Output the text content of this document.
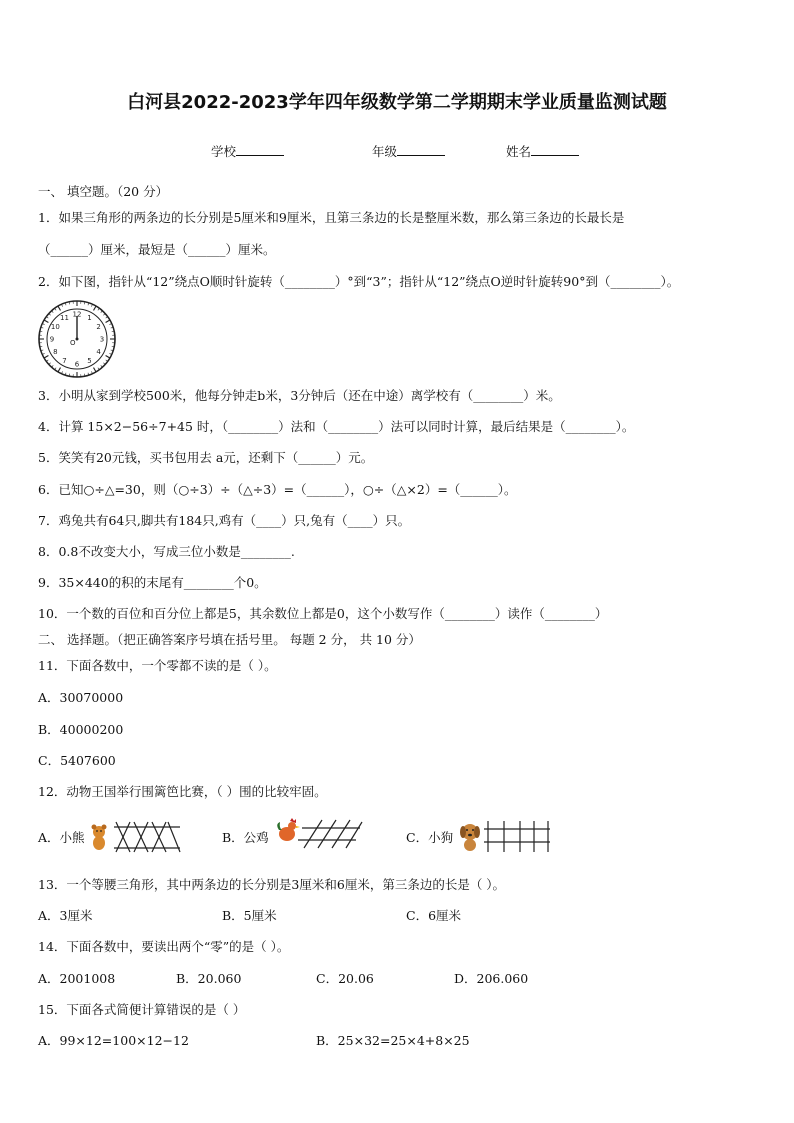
白河县2022-2023学年四年级数学第二学期期末学业质量监测试题
学校	年级	姓名
一、 填空题。（20 分）
1．如果三角形的两条边的长分别是5厘米和9厘米，且第三条边的长是整厘米数，那么第三条边的长最长是
（______）厘米，最短是（______）厘米。
2．如下图，指针从“12”绕点O顺时针旋转（________）°到“3”；指针从“12”绕点O逆时针旋转90°到（________）。
12 1
2
3
4
5
6
7
8
9
10
11
O
3．小明从家到学校500米，他每分钟走b米，3分钟后（还在中途）离学校有（________）米。
4．计算 15×2−56÷7+45 时，（________）法和（________）法可以同时计算，最后结果是（________）。
5．笑笑有20元钱，买书包用去 a元，还剩下（______）元。
6．已知○÷△=30，则（○÷3）÷（△÷3）=（______），○÷（△×2）=（______）。
7．鸡兔共有64只,脚共有184只,鸡有（____）只,兔有（____）只。
8．0.8不改变大小，写成三位小数是________.
9．35×440的积的末尾有________个0。
10．一个数的百位和百分位上都是5，其余数位上都是0，这个小数写作（________）读作（________）
二、 选择题。（把正确答案序号填在括号里。 每题 2 分， 共 10 分）
11．下面各数中，一个零都不读的是（ ）。
A．30070000
B．40000200
C．5407600
12．动物王国举行围篱笆比赛，（ ）围的比较牢固。
A．小熊	B．公鸡	C．小狗
13．一个等腰三角形，其中两条边的长分别是3厘米和6厘米，第三条边的长是（ ）。
A．3厘米	B．5厘米	C．6厘米
14．下面各数中，要读出两个“零”的是（ ）。
A．2001008	B．20.060	C．20.06	D．206.060
15．下面各式简便计算错误的是（ ）
A．99×12=100×12−12	B．25×32=25×4+8×25
